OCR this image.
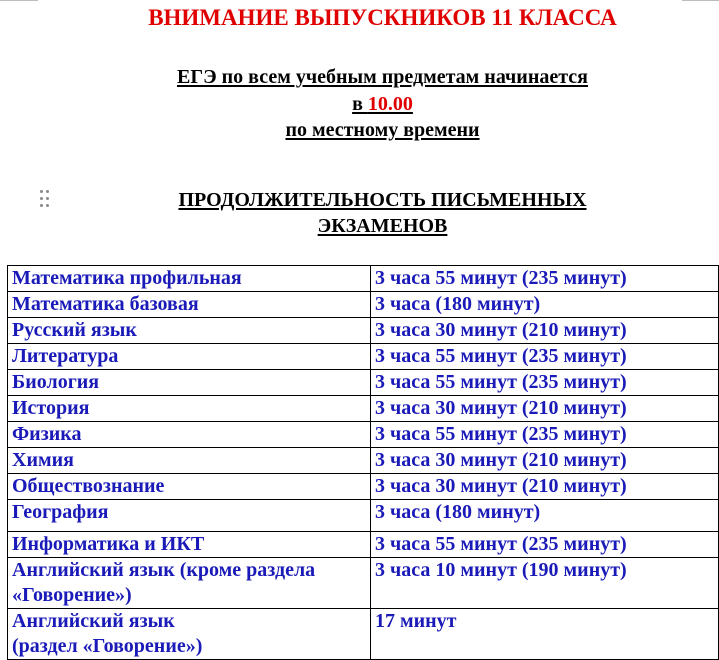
ВНИМАНИЕ ВЫПУСКНИКОВ 11 КЛАССА
ЕГЭ по всем учебным предметам начинается
в 10.00
по местному времени
ПРОДОЛЖИТЕЛЬНОСТЬ ПИСЬМЕННЫХ
ЭКЗАМЕНОВ
Математика профильная	3 часа 55 минут (235 минут)
Математика базовая	3 часа (180 минут)
Русский язык	3 часа 30 минут (210 минут)
Литература	3 часа 55 минут (235 минут)
Биология	3 часа 55 минут (235 минут)
История	3 часа 30 минут (210 минут)
Физика	3 часа 55 минут (235 минут)
Химия	3 часа 30 минут (210 минут)
Обществознание	3 часа 30 минут (210 минут)
География	3 часа (180 минут)
Информатика и ИКТ	3 часа 55 минут (235 минут)

Английский язык (кроме раздела
«Говорение»)	3 часа 10 минут (190 минут)

Английский язык
(раздел «Говорение»)	17 минут
